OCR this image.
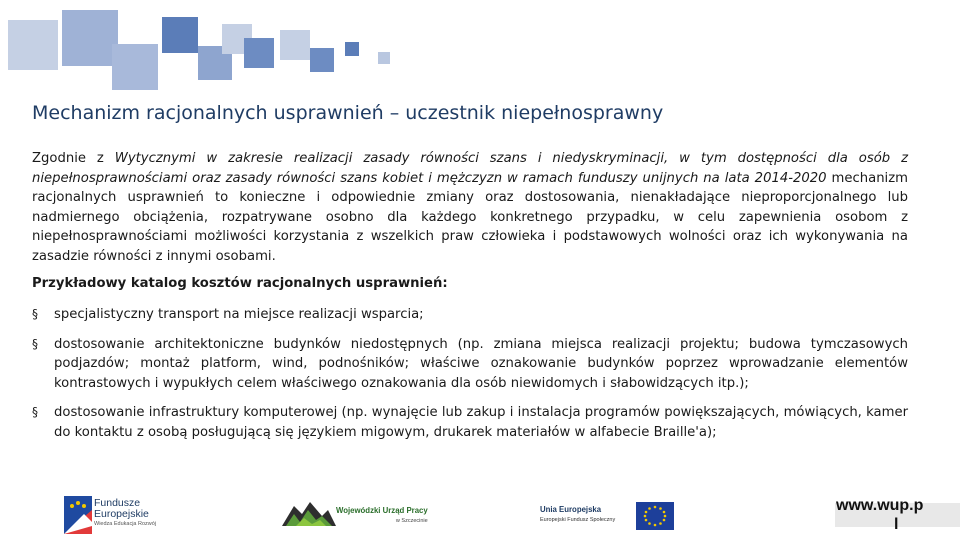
Mechanizm racjonalnych usprawnień – uczestnik niepełnosprawny
Zgodnie z Wytycznymi w zakresie realizacji zasady równości szans i niedyskryminacji, w tym dostępności dla osób z niepełnosprawnościami oraz zasady równości szans kobiet i mężczyzn w ramach funduszy unijnych na lata 2014-2020 mechanizm racjonalnych usprawnień to konieczne i odpowiednie zmiany oraz dostosowania, nienakładające nieproporcjonalnego lub nadmiernego obciążenia, rozpatrywane osobno dla każdego konkretnego przypadku, w celu zapewnienia osobom z niepełnosprawnościami możliwości korzystania z wszelkich praw człowieka i podstawowych wolności oraz ich wykonywania na zasadzie równości z innymi osobami.
Przykładowy katalog kosztów racjonalnych usprawnień:
§	specjalistyczny transport na miejsce realizacji wsparcia;
§	dostosowanie architektoniczne budynków niedostępnych (np. zmiana miejsca realizacji projektu; budowa tymczasowych podjazdów; montaż platform, wind, podnośników; właściwe oznakowanie budynków poprzez wprowadzanie elementów kontrastowych i wypukłych celem właściwego oznakowania dla osób niewidomych i słabowidzących itp.);
§	dostosowanie infrastruktury komputerowej (np. wynajęcie lub zakup i instalacja programów powiększających, mówiących, kamer do kontaktu z osobą posługującą się językiem migowym, drukarek materiałów w alfabecie Braille'a);
Fundusze
Europejskie
Wiedza Edukacja Rozwój
Wojewódzki Urząd Pracy
w Szczecinie
Unia Europejska
Europejski Fundusz Społeczny
www.wup.p
l
